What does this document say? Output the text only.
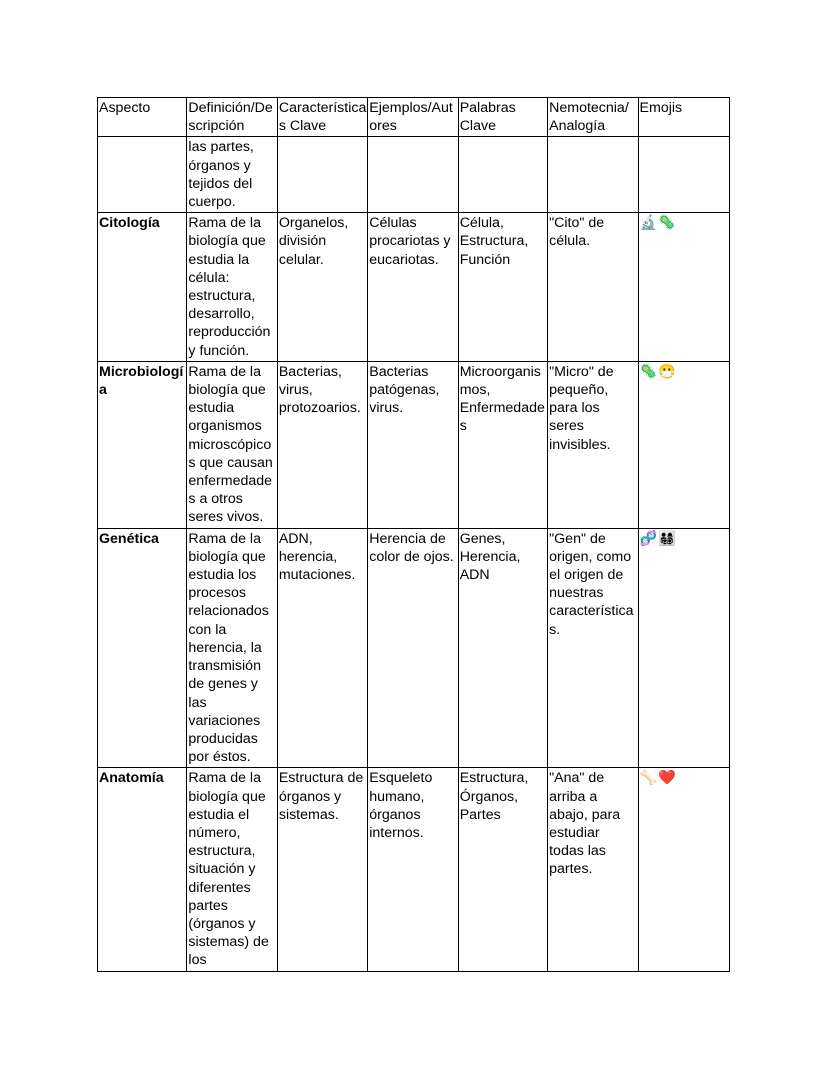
Aspecto	Definición/Descripción	Características Clave	Ejemplos/Autores	Palabras Clave	Nemotecnia/ Analogía	Emojis
	las partes, órganos y tejidos del cuerpo.					
Citología	Rama de la biología que estudia la célula: estructura, desarrollo, reproducción y función.	Organelos, división celular.	Células procariotas y eucariotas.	Célula, Estructura, Función	"Cito" de célula.	🔬🦠
Microbiología	Rama de la biología que estudia organismos microscópicos que causan enfermedades a otros seres vivos.	Bacterias, virus, protozoarios.	Bacterias patógenas, virus.	Microorganismos, Enfermedades	"Micro" de pequeño, para los seres invisibles.	🦠😷
Genética	Rama de la biología que estudia los procesos relacionados con la herencia, la transmisión de genes y las variaciones producidas por éstos.	ADN, herencia, mutaciones.	Herencia de color de ojos.	Genes, Herencia, ADN	"Gen" de origen, como el origen de nuestras características.	🧬👨‍👩‍👧‍👦
Anatomía	Rama de la biología que estudia el número, estructura, situación y diferentes partes (órganos y sistemas) de los	Estructura de órganos y sistemas.	Esqueleto humano, órganos internos.	Estructura, Órganos, Partes	"Ana" de arriba a abajo, para estudiar todas las partes.	🦴❤️
